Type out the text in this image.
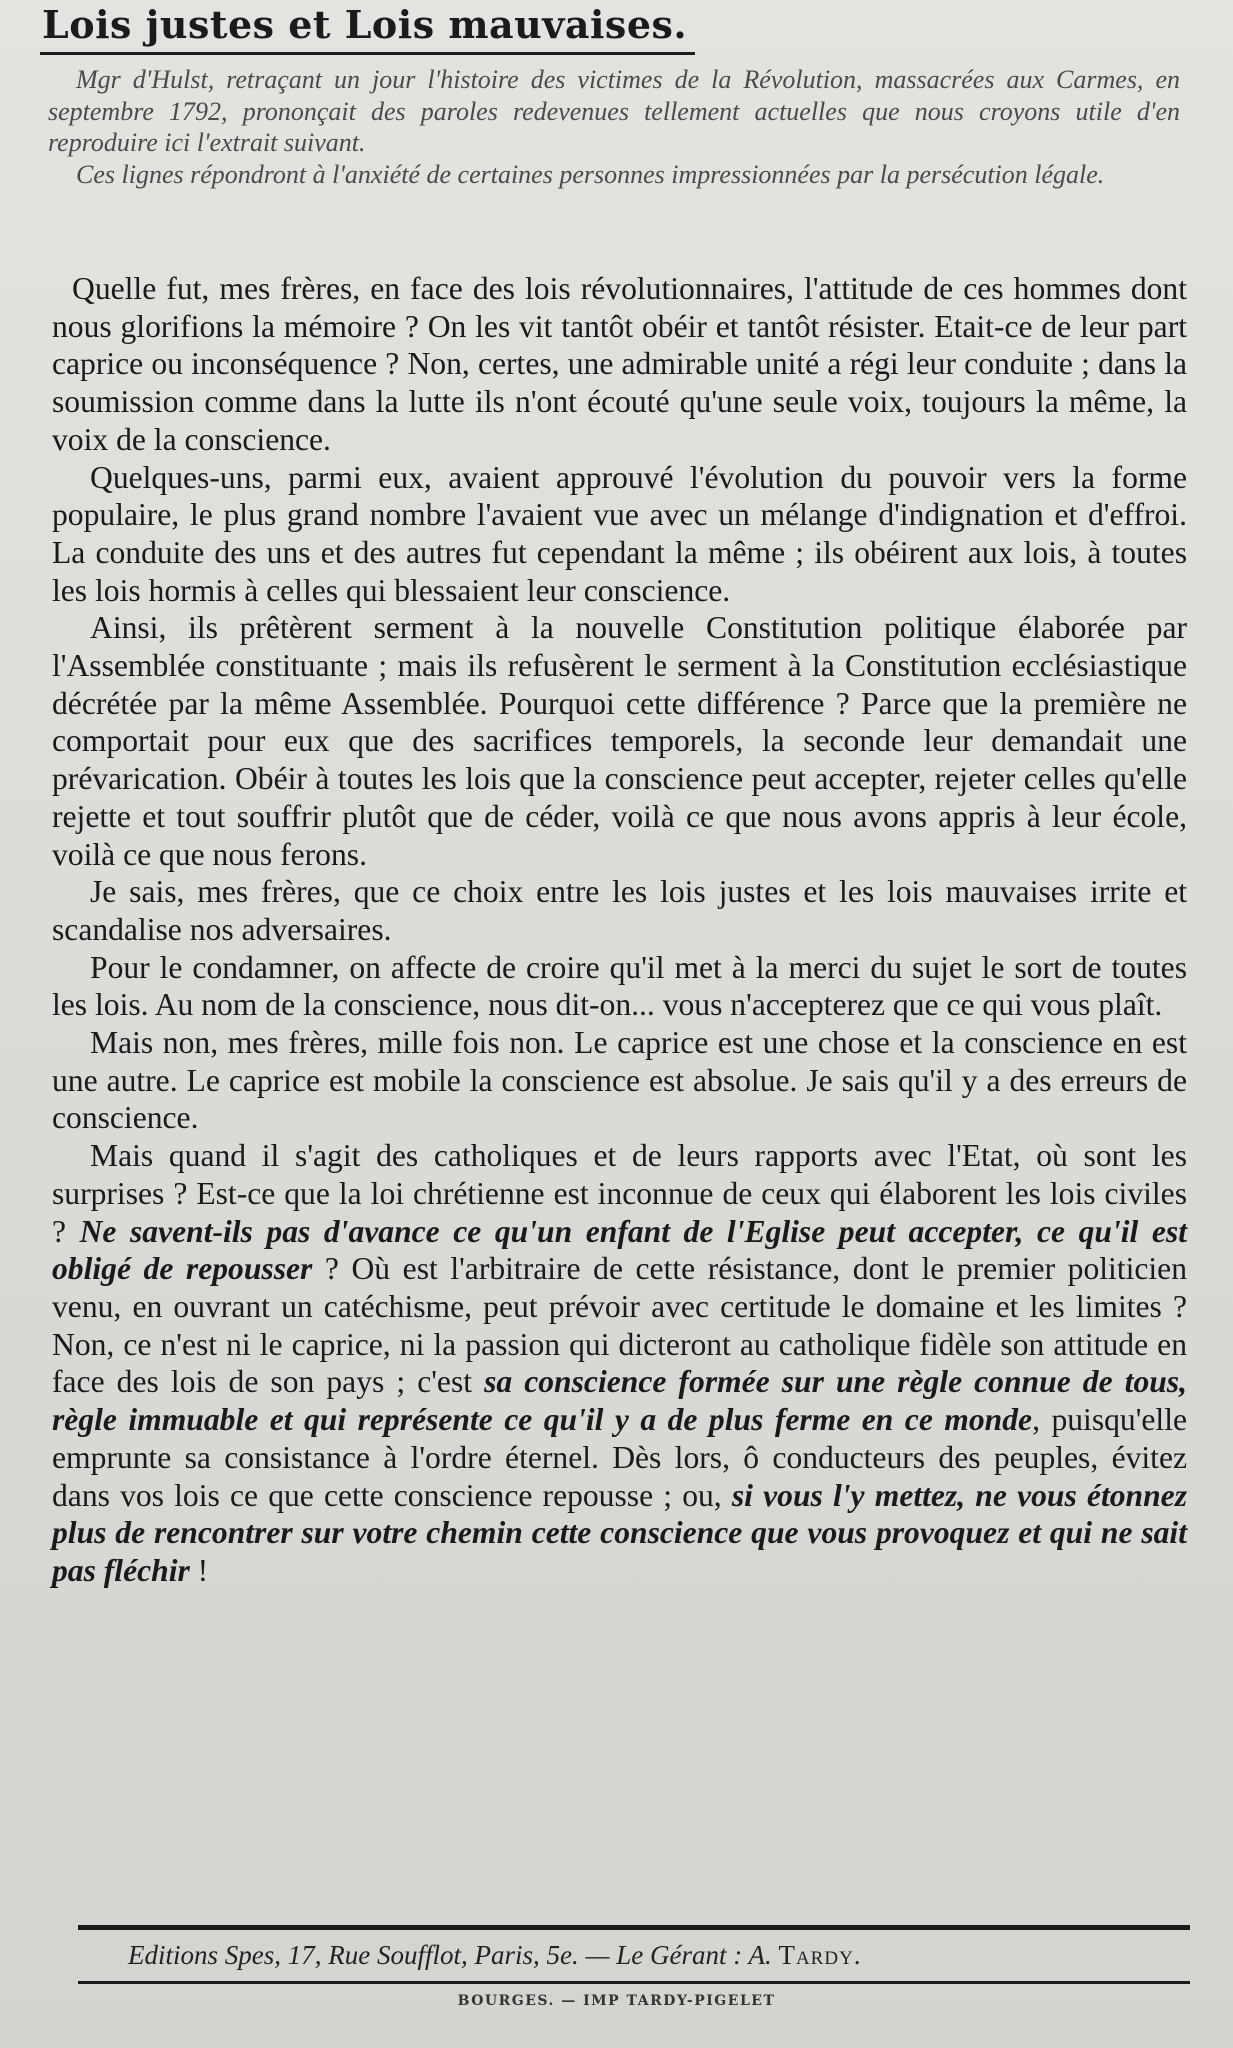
Lois justes et Lois mauvaises.

Mgr d'Hulst, retraçant un jour l'histoire des victimes de la Révolution, massacrées aux Carmes, en septembre 1792, prononçait des paroles redevenues tellement actuelles que nous croyons utile d'en reproduire ici l'extrait suivant.

Ces lignes répondront à l'anxiété de certaines personnes impressionnées par la persécution légale.

Quelle fut, mes frères, en face des lois révolutionnaires, l'attitude de ces hommes dont nous glorifions la mémoire ? On les vit tantôt obéir et tantôt résister. Etait-ce de leur part caprice ou inconséquence ? Non, certes, une admirable unité a régi leur conduite ; dans la soumission comme dans la lutte ils n'ont écouté qu'une seule voix, toujours la même, la voix de la conscience.

Quelques-uns, parmi eux, avaient approuvé l'évolution du pouvoir vers la forme populaire, le plus grand nombre l'avaient vue avec un mélange d'indignation et d'effroi. La conduite des uns et des autres fut cependant la même ; ils obéirent aux lois, à toutes les lois hormis à celles qui blessaient leur conscience.

Ainsi, ils prêtèrent serment à la nouvelle Constitution politique élaborée par l'Assemblée constituante ; mais ils refusèrent le serment à la Constitution ecclésiastique décrétée par la même Assemblée. Pourquoi cette différence ? Parce que la première ne comportait pour eux que des sacrifices temporels, la seconde leur demandait une prévarication. Obéir à toutes les lois que la conscience peut accepter, rejeter celles qu'elle rejette et tout souffrir plutôt que de céder, voilà ce que nous avons appris à leur école, voilà ce que nous ferons.

Je sais, mes frères, que ce choix entre les lois justes et les lois mauvaises irrite et scandalise nos adversaires.

Pour le condamner, on affecte de croire qu'il met à la merci du sujet le sort de toutes les lois. Au nom de la conscience, nous dit-on... vous n'accepterez que ce qui vous plaît.

Mais non, mes frères, mille fois non. Le caprice est une chose et la conscience en est une autre. Le caprice est mobile la conscience est absolue. Je sais qu'il y a des erreurs de conscience.

Mais quand il s'agit des catholiques et de leurs rapports avec l'Etat, où sont les surprises ? Est-ce que la loi chrétienne est inconnue de ceux qui élaborent les lois civiles ? Ne savent-ils pas d'avance ce qu'un enfant de l'Eglise peut accepter, ce qu'il est obligé de repousser ? Où est l'arbitraire de cette résistance, dont le premier politicien venu, en ouvrant un catéchisme, peut prévoir avec certitude le domaine et les limites ? Non, ce n'est ni le caprice, ni la passion qui dicteront au catholique fidèle son attitude en face des lois de son pays ; c'est sa conscience formée sur une règle connue de tous, règle immuable et qui représente ce qu'il y a de plus ferme en ce monde, puisqu'elle emprunte sa consistance à l'ordre éternel. Dès lors, ô conducteurs des peuples, évitez dans vos lois ce que cette conscience repousse ; ou, si vous l'y mettez, ne vous étonnez plus de rencontrer sur votre chemin cette conscience que vous provoquez et qui ne sait pas fléchir !

Editions Spes, 17, Rue Soufflot, Paris, 5e. — Le Gérant : A. Tardy.
BOURGES. — IMP TARDY-PIGELET
